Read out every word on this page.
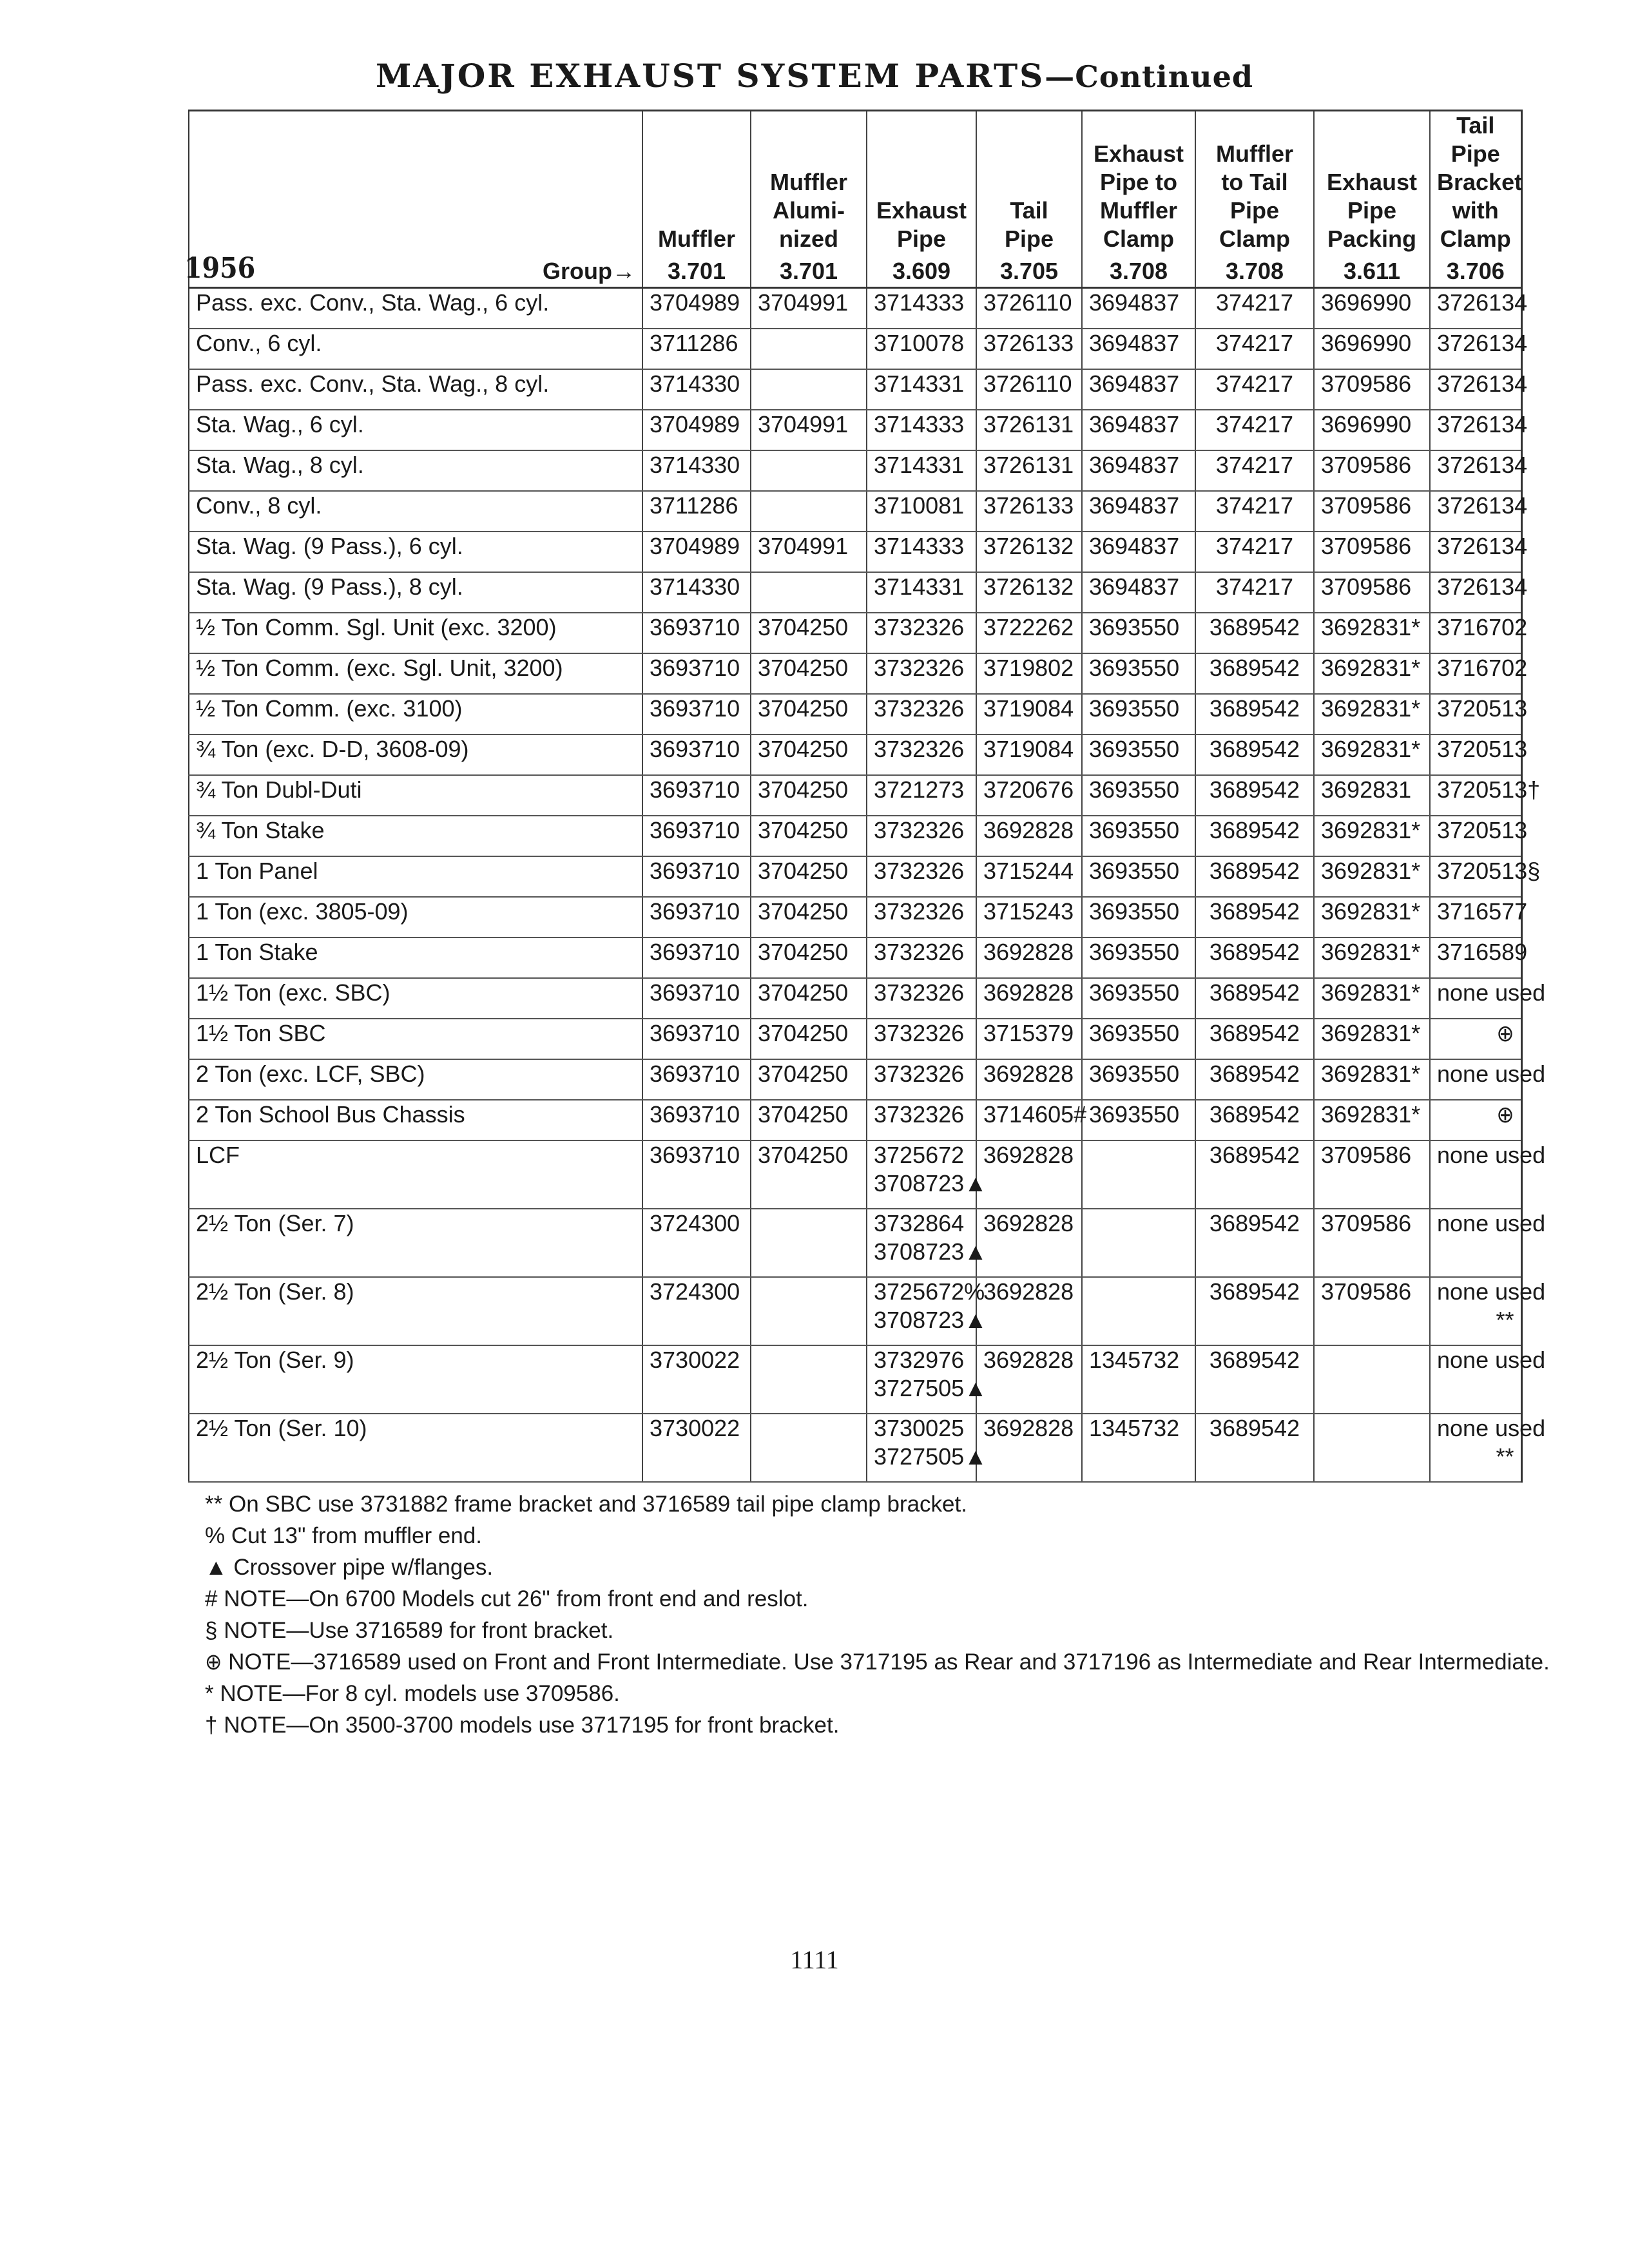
MAJOR EXHAUST SYSTEM PARTS—Continued
	Muffler	Muffler Alumi- nized	Exhaust Pipe	Tail Pipe	Exhaust Pipe to Muffler Clamp	Muffler to Tail Pipe Clamp	Exhaust Pipe Packing	Tail Pipe Bracket with Clamp

1956 Group→	3.701	3.701	3.609	3.705	3.708	3.708	3.611	3.706
Pass. exc. Conv., Sta. Wag., 6 cyl.	3704989	3704991	3714333	3726110	3694837	374217	3696990	3726134

Conv., 6 cyl.	3711286		3710078	3726133	3694837	374217	3696990	3726134

Pass. exc. Conv., Sta. Wag., 8 cyl.	3714330		3714331	3726110	3694837	374217	3709586	3726134

Sta. Wag., 6 cyl.	3704989	3704991	3714333	3726131	3694837	374217	3696990	3726134

Sta. Wag., 8 cyl.	3714330		3714331	3726131	3694837	374217	3709586	3726134

Conv., 8 cyl.	3711286		3710081	3726133	3694837	374217	3709586	3726134

Sta. Wag. (9 Pass.), 6 cyl.	3704989	3704991	3714333	3726132	3694837	374217	3709586	3726134

Sta. Wag. (9 Pass.), 8 cyl.	3714330		3714331	3726132	3694837	374217	3709586	3726134

½ Ton Comm. Sgl. Unit (exc. 3200)	3693710	3704250	3732326	3722262	3693550	3689542	3692831*	3716702

½ Ton Comm. (exc. Sgl. Unit, 3200)	3693710	3704250	3732326	3719802	3693550	3689542	3692831*	3716702

½ Ton Comm. (exc. 3100)	3693710	3704250	3732326	3719084	3693550	3689542	3692831*	3720513

¾ Ton (exc. D-D, 3608-09)	3693710	3704250	3732326	3719084	3693550	3689542	3692831*	3720513

¾ Ton Dubl-Duti	3693710	3704250	3721273	3720676	3693550	3689542	3692831	3720513†

¾ Ton Stake	3693710	3704250	3732326	3692828	3693550	3689542	3692831*	3720513

1 Ton Panel	3693710	3704250	3732326	3715244	3693550	3689542	3692831*	3720513§

1 Ton (exc. 3805-09)	3693710	3704250	3732326	3715243	3693550	3689542	3692831*	3716577

1 Ton Stake	3693710	3704250	3732326	3692828	3693550	3689542	3692831*	3716589

1½ Ton (exc. SBC)	3693710	3704250	3732326	3692828	3693550	3689542	3692831*	none used

1½ Ton SBC	3693710	3704250	3732326	3715379	3693550	3689542	3692831*	⊕

2 Ton (exc. LCF, SBC)	3693710	3704250	3732326	3692828	3693550	3689542	3692831*	none used

2 Ton School Bus Chassis	3693710	3704250	3732326	3714605#	3693550	3689542	3692831*	⊕

LCF	3693710	3704250	3725672
3708723▲	3692828		3689542	3709586	none used

2½ Ton (Ser. 7)	3724300		3732864
3708723▲	3692828		3689542	3709586	none used

2½ Ton (Ser. 8)	3724300		3725672%
3708723▲	3692828		3689542	3709586	none used
**

2½ Ton (Ser. 9)	3730022		3732976
3727505▲	3692828	1345732	3689542		none used

2½ Ton (Ser. 10)	3730022		3730025
3727505▲	3692828	1345732	3689542		none used
**
** On SBC use 3731882 frame bracket and 3716589 tail pipe clamp bracket.
% Cut 13" from muffler end.
▲ Crossover pipe w/flanges.
# NOTE—On 6700 Models cut 26" from front end and reslot.
§ NOTE—Use 3716589 for front bracket.
⊕ NOTE—3716589 used on Front and Front Intermediate. Use 3717195 as Rear and 3717196 as Intermediate and Rear Intermediate.
* NOTE—For 8 cyl. models use 3709586.
† NOTE—On 3500-3700 models use 3717195 for front bracket.
1111
